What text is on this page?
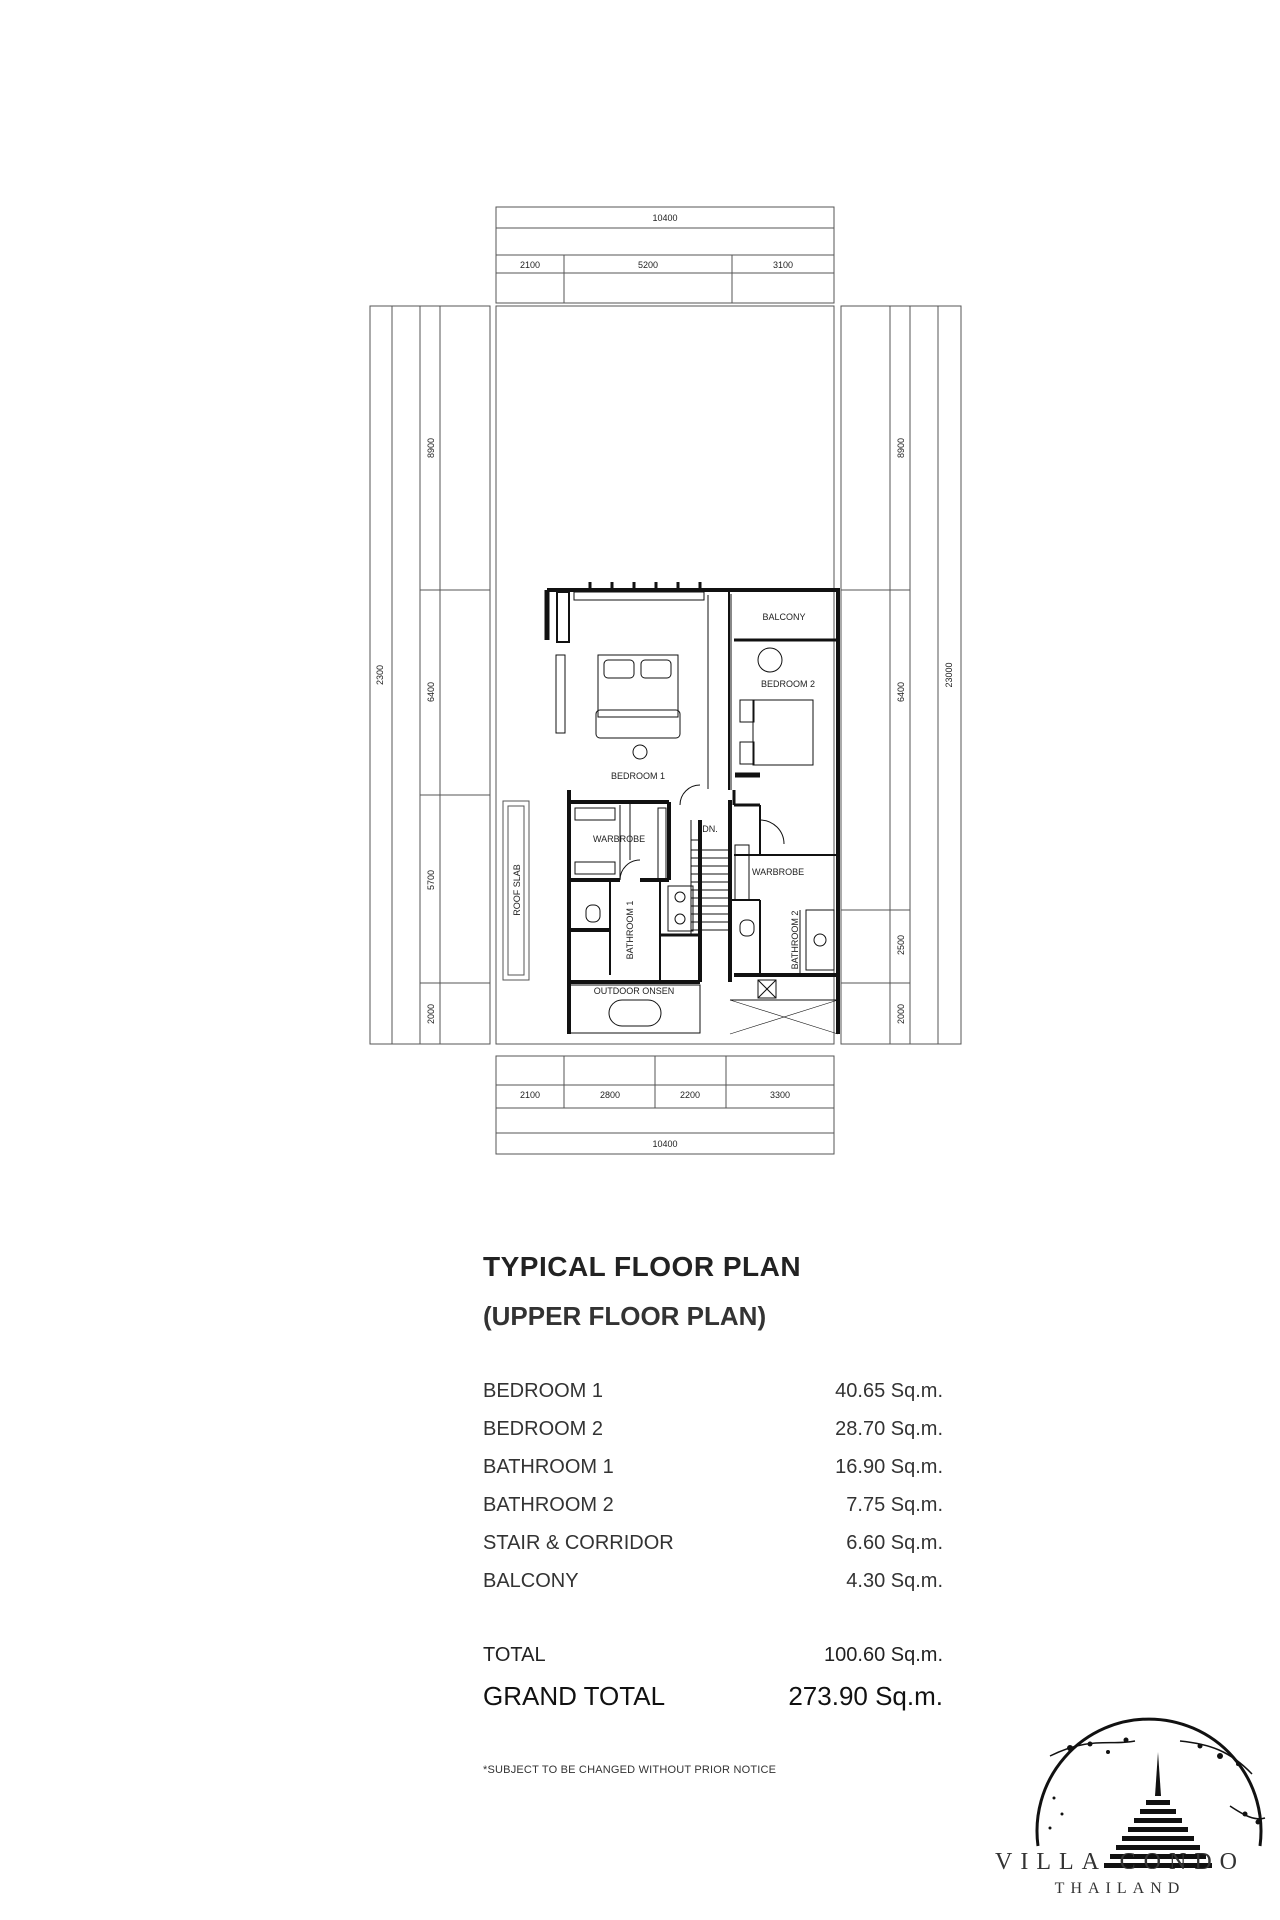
10400
2100	5200	3100
2100	2800	2200	3300
10400
2300
8900
6400
5700
2000
23000
8900
6400
2500
2000
BEDROOM 1
BEDROOM 2
BALCONY
WARBROBE
WARBROBE
DN.
OUTDOOR ONSEN
BATHROOM 1	BATHROOM 2
ROOF SLAB
TYPICAL FLOOR PLAN
(UPPER FLOOR PLAN)
BEDROOM 1	40.65 Sq.m.
BEDROOM 2	28.70 Sq.m.
BATHROOM 1	16.90 Sq.m.
BATHROOM 2	7.75 Sq.m.
STAIR & CORRIDOR	6.60 Sq.m.
BALCONY	4.30 Sq.m.
TOTAL	100.60 Sq.m.
GRAND TOTAL	273.90 Sq.m.
*SUBJECT TO BE CHANGED WITHOUT PRIOR NOTICE
VILLA CONDO
THAILAND
